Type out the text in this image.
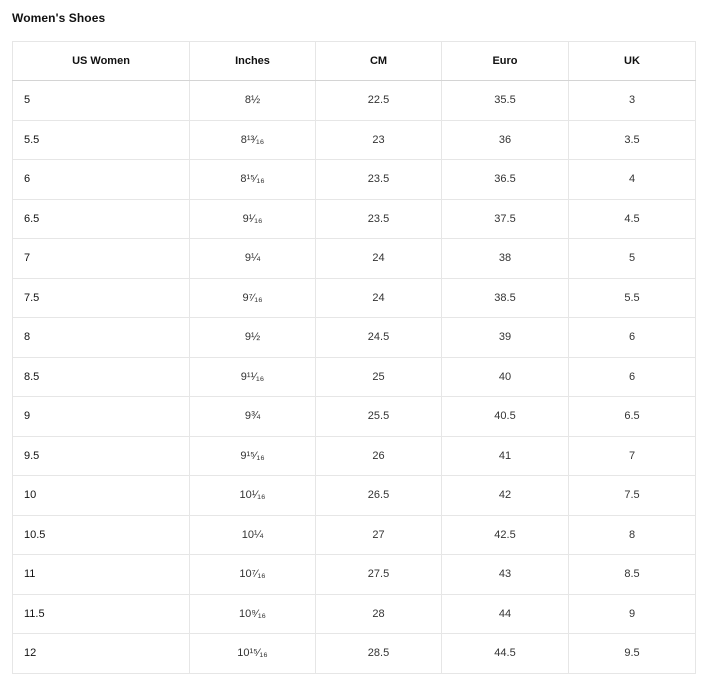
Women's Shoes
US Women	Inches	CM	Euro	UK
5	8½	22.5	35.5	3
5.5	8¹³⁄₁₆	23	36	3.5
6	8¹⁵⁄₁₆	23.5	36.5	4
6.5	9¹⁄₁₆	23.5	37.5	4.5
7	9¼	24	38	5
7.5	9⁷⁄₁₆	24	38.5	5.5
8	9½	24.5	39	6
8.5	9¹¹⁄₁₆	25	40	6
9	9¾	25.5	40.5	6.5
9.5	9¹⁵⁄₁₆	26	41	7
10	10¹⁄₁₆	26.5	42	7.5
10.5	10¼	27	42.5	8
11	10⁷⁄₁₆	27.5	43	8.5
11.5	10⁹⁄₁₆	28	44	9
12	10¹⁵⁄₁₆	28.5	44.5	9.5
